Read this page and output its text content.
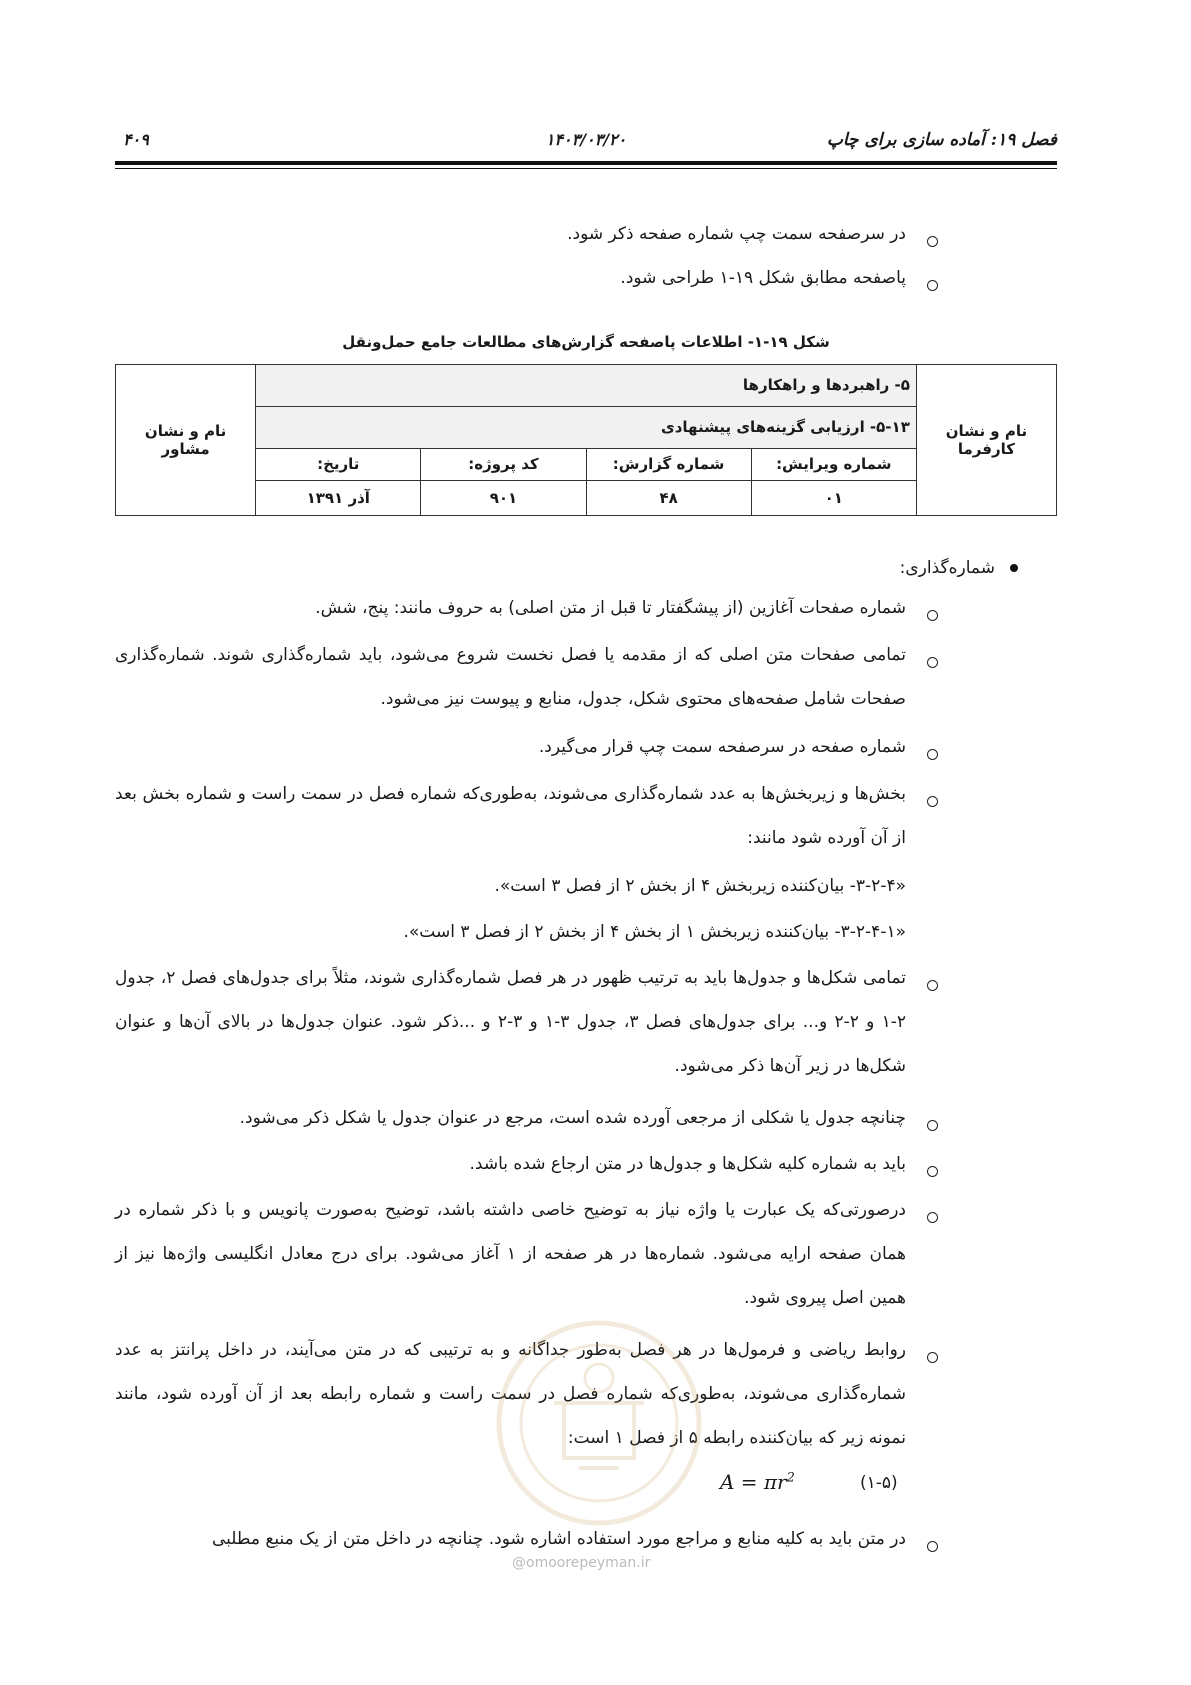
فصل ۱۹: آماده سازی برای چاپ
۱۴۰۳/۰۳/۲۰
۴۰۹
در سرصفحه سمت چپ شماره صفحه ذکر شود.
پاصفحه مطابق شکل ۱۹-۱ طراحی شود.
شکل ۱۹-۱- اطلاعات پاصفحه گزارش‌های مطالعات جامع حمل‌ونقل
نام و نشان کارفرما	۵- راهبردها و راهکارها				نام و نشان مشاور
	۵-۱۳- ارزیابی گزینه‌های پیشنهادی				
	شماره ویرایش:	شماره گزارش:	کد پروژه:	تاریخ:	
	۰۱	۴۸	۹۰۱	آذر ۱۳۹۱	
شماره‌گذاری:
شماره صفحات آغازین (از پیشگفتار تا قبل از متن اصلی) به حروف مانند: پنج، شش.
تمامی صفحات متن اصلی که از مقدمه یا فصل نخست شروع می‌شود، باید شماره‌گذاری شوند. شماره‌گذاری صفحات شامل صفحه‌های محتوی شکل، جدول، منابع و پیوست نیز می‌شود.
شماره صفحه در سرصفحه سمت چپ قرار می‌گیرد.
بخش‌ها و زیربخش‌ها به عدد شماره‌گذاری می‌شوند، به‌طوری‌که شماره فصل در سمت راست و شماره بخش بعد از آن آورده شود مانند:
«۳-۲-۴- بیان‌کننده زیربخش ۴ از بخش ۲ از فصل ۳ است».
«۳-۲-۴-۱- بیان‌کننده زیربخش ۱ از بخش ۴ از بخش ۲ از فصل ۳ است».
تمامی شکل‌ها و جدول‌ها باید به ترتیب ظهور در هر فصل شماره‌گذاری شوند، مثلاً برای جدول‌های فصل ۲، جدول ۲-۱ و ۲-۲ و... برای جدول‌های فصل ۳، جدول ۳-۱ و ۳-۲ و ...ذکر شود. عنوان جدول‌ها در بالای آن‌ها و عنوان شکل‌ها در زیر آن‌ها ذکر می‌شود.
چنانچه جدول یا شکلی از مرجعی آورده شده است، مرجع در عنوان جدول یا شکل ذکر می‌شود.
باید به شماره کلیه شکل‌ها و جدول‌ها در متن ارجاع شده باشد.
درصورتی‌که یک عبارت یا واژه نیاز به توضیح خاصی داشته باشد، توضیح به‌صورت پانویس و با ذکر شماره در همان صفحه ارایه می‌شود. شماره‌ها در هر صفحه از ۱ آغاز می‌شود. برای درج معادل انگلیسی واژه‌ها نیز از همین اصل پیروی شود.
روابط ریاضی و فرمول‌ها در هر فصل به‌طور جداگانه و به ترتیبی که در متن می‌آیند، در داخل پرانتز به عدد شماره‌گذاری می‌شوند، به‌طوری‌که شماره فصل در سمت راست و شماره رابطه بعد از آن آورده شود، مانند نمونه زیر که بیان‌کننده رابطه ۵ از فصل ۱ است:
$A = \pi r^2$	(۱-۵)
در متن باید به کلیه منابع و مراجع مورد استفاده اشاره شود. چنانچه در داخل متن از یک منبع مطلبی
@omoorepeyman.ir
